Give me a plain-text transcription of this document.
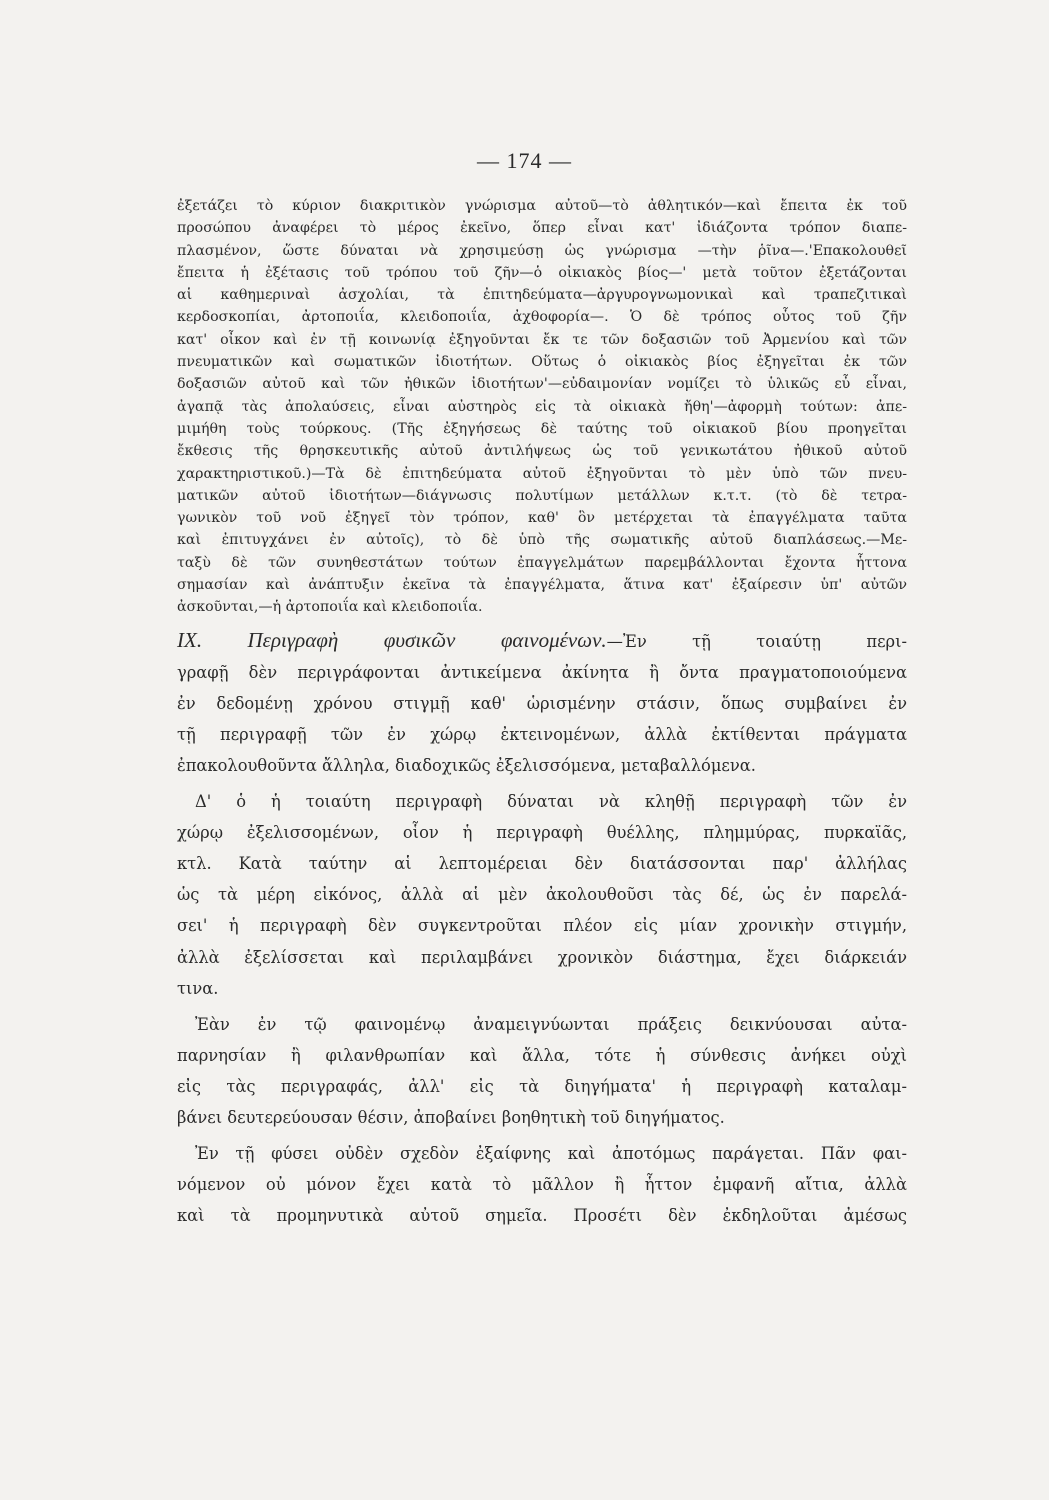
— 174 —
ἐξετάζει τὸ κύριον διακριτικὸν γνώρισμα αὐτοῦ—τὸ ἀθλητικόν—καὶ ἔπειτα ἐκ τοῦ
προσώπου ἀναφέρει τὸ μέρος ἐκεῖνο, ὅπερ εἶναι κατ' ἰδιάζοντα τρόπον διαπε-
πλασμένον, ὥστε δύναται νὰ χρησιμεύσῃ ὡς γνώρισμα —τὴν ῥῖνα—.'Επακολουθεῖ
ἔπειτα ἡ ἐξέτασις τοῦ τρόπου τοῦ ζῆν—ὁ οἰκιακὸς βίος—' μετὰ τοῦτον ἐξετάζονται
αἱ καθημεριναὶ ἀσχολίαι, τὰ ἐπιτηδεύματα—ἀργυρογνωμονικαὶ καὶ τραπεζιτικαὶ
κερδοσκοπίαι, ἀρτοποιΐα, κλειδοποιΐα, ἀχθοφορία—. Ὁ δὲ τρόπος οὗτος τοῦ ζῆν
κατ' οἶκον καὶ ἐν τῇ κοινωνίᾳ ἐξηγοῦνται ἔκ τε τῶν δοξασιῶν τοῦ Ἀρμενίου καὶ τῶν
πνευματικῶν καὶ σωματικῶν ἰδιοτήτων. Οὕτως ὁ οἰκιακὸς βίος ἐξηγεῖται ἐκ τῶν
δοξασιῶν αὐτοῦ καὶ τῶν ἠθικῶν ἰδιοτήτων'—εὐδαιμονίαν νομίζει τὸ ὑλικῶς εὖ εἶναι,
ἀγαπᾷ τὰς ἀπολαύσεις, εἶναι αὐστηρὸς εἰς τὰ οἰκιακὰ ἤθη'—ἀφορμὴ τούτων: ἀπε-
μιμήθη τοὺς τούρκους. (Τῆς ἐξηγήσεως δὲ ταύτης τοῦ οἰκιακοῦ βίου προηγεῖται
ἔκθεσις τῆς θρησκευτικῆς αὐτοῦ ἀντιλήψεως ὡς τοῦ γενικωτάτου ἠθικοῦ αὐτοῦ
χαρακτηριστικοῦ.)—Τὰ δὲ ἐπιτηδεύματα αὐτοῦ ἐξηγοῦνται τὸ μὲν ὑπὸ τῶν πνευ-
ματικῶν αὐτοῦ ἰδιοτήτων—διάγνωσις πολυτίμων μετάλλων κ.τ.τ. (τὸ δὲ τετρα-
γωνικὸν τοῦ νοῦ ἐξηγεῖ τὸν τρόπον, καθ' ὃν μετέρχεται τὰ ἐπαγγέλματα ταῦτα
καὶ ἐπιτυγχάνει ἐν αὐτοῖς), τὸ δὲ ὑπὸ τῆς σωματικῆς αὐτοῦ διαπλάσεως.—Με-
ταξὺ δὲ τῶν συνηθεστάτων τούτων ἐπαγγελμάτων παρεμβάλλονται ἔχοντα ἧττονα
σημασίαν καὶ ἀνάπτυξιν ἐκεῖνα τὰ ἐπαγγέλματα, ἅτινα κατ' ἐξαίρεσιν ὑπ' αὐτῶν
ἀσκοῦνται,—ἡ ἀρτοποιΐα καὶ κλειδοποιΐα.
IX. Περιγραφὴ φυσικῶν φαινομένων.—Ἐν τῇ τοιαύτῃ περι-
γραφῇ δὲν περιγράφονται ἀντικείμενα ἀκίνητα ἢ ὄντα πραγματοποιούμενα
ἐν δεδομένῃ χρόνου στιγμῇ καθ' ὡρισμένην στάσιν, ὅπως συμβαίνει ἐν
τῇ περιγραφῇ τῶν ἐν χώρῳ ἐκτεινομένων, ἀλλὰ ἐκτίθενται πράγματα
ἐπακολουθοῦντα ἄλληλα, διαδοχικῶς ἐξελισσόμενα, μεταβαλλόμενα.
Δ' ὁ ἡ τοιαύτη περιγραφὴ δύναται νὰ κληθῇ περιγραφὴ τῶν ἐν
χώρῳ ἐξελισσομένων, οἷον ἡ περιγραφὴ θυέλλης, πλημμύρας, πυρκαϊᾶς,
κτλ. Κατὰ ταύτην αἱ λεπτομέρειαι δὲν διατάσσονται παρ' ἀλλήλας
ὡς τὰ μέρη εἰκόνος, ἀλλὰ αἱ μὲν ἀκολουθοῦσι τὰς δέ, ὡς ἐν παρελά-
σει' ἡ περιγραφὴ δὲν συγκεντροῦται πλέον εἰς μίαν χρονικὴν στιγμήν,
ἀλλὰ ἐξελίσσεται καὶ περιλαμβάνει χρονικὸν διάστημα, ἔχει διάρκειάν
τινα.
Ἐὰν ἐν τῷ φαινομένῳ ἀναμειγνύωνται πράξεις δεικνύουσαι αὐτα-
παρνησίαν ἢ φιλανθρωπίαν καὶ ἄλλα, τότε ἡ σύνθεσις ἀνήκει οὐχὶ
εἰς τὰς περιγραφάς, ἀλλ' εἰς τὰ διηγήματα' ἡ περιγραφὴ καταλαμ-
βάνει δευτερεύουσαν θέσιν, ἀποβαίνει βοηθητικὴ τοῦ διηγήματος.
Ἐν τῇ φύσει οὐδὲν σχεδὸν ἐξαίφνης καὶ ἀποτόμως παράγεται. Πᾶν φαι-
νόμενον οὐ μόνον ἔχει κατὰ τὸ μᾶλλον ἢ ἧττον ἐμφανῆ αἴτια, ἀλλὰ
καὶ τὰ προμηνυτικὰ αὐτοῦ σημεῖα. Προσέτι δὲν ἐκδηλοῦται ἀμέσως
